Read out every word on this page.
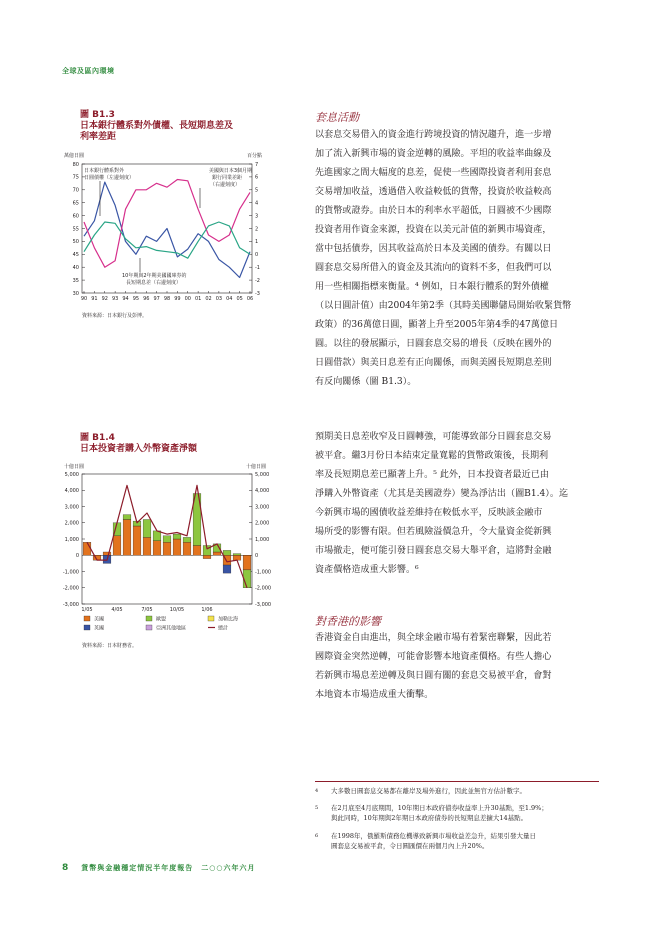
全球及區內環境
圖 B1.3
日本銀行體系對外債權、長短期息差及
利率差距
萬億日圓	百分點
80
75
70
65
60
55
50
45
40
35
30
7
6
5
4
3
2
1
0
-1
-2
-3
90 91 92 93 94 95 96 97 98 99 00 01 02 03 04 05 06
日本銀行體系對外
日圓債權（左邊刻度）
美國與日本3個月期
銀行同業差距
（右邊刻度）
10年期與2年期美國國庫券的
長短期息差（右邊刻度）
資料來源：日本銀行及彭博。
圖 B1.4
日本投資者購入外幣資產淨額
十億日圓	十億日圓
5,000	5,000
4,000	4,000
3,000	3,000
2,000	2,000
1,000	1,000
0	0
-1,000	-1,000
-2,000	-2,000
-3,000	-3,000
1/05	4/05	7/05	10/05	1/06
美國	歐盟	加勒比海
英國	亞洲其他地區	總計
資料來源：日本財務省。
套息活動
以套息交易借入的資金進行跨境投資的情況趨升，進一步增
加了流入新興市場的資金逆轉的風險。平坦的收益率曲線及
先進國家之間大幅度的息差，促使一些國際投資者利用套息
交易增加收益，透過借入收益較低的貨幣，投資於收益較高
的貨幣或證券。由於日本的利率水平超低，日圓被不少國際
投資者用作資金來源，投資在以美元計值的新興市場資產，
當中包括債券，因其收益高於日本及美國的債券。有關以日
圓套息交易所借入的資金及其流向的資料不多，但我們可以
用一些相關指標來衡量。⁴ 例如，日本銀行體系的對外債權
（以日圓計值）由2004年第2季（其時美國聯儲局開始收緊貨幣
政策）的36萬億日圓，顯著上升至2005年第4季的47萬億日
圓。以往的發展顯示，日圓套息交易的增長（反映在國外的
日圓借款）與美日息差有正向關係，而與美國長短期息差則
有反向關係（圖 B1.3）。
預期美日息差收窄及日圓轉強，可能導致部分日圓套息交易
被平倉。繼3月份日本結束定量寬鬆的貨幣政策後，長期利
率及長短期息差已顯著上升。⁵ 此外，日本投資者最近已由
淨購入外幣資產（尤其是美國證券）變為淨沽出（圖B1.4）。迄
今新興市場的國債收益差維持在較低水平，反映該金融市
場所受的影響有限。但若風險溢價急升，令大量資金從新興
市場撤走，便可能引發日圓套息交易大舉平倉，這將對金融
資產價格造成重大影響。⁶
對香港的影響
香港資金自由進出，與全球金融市場有着緊密聯繫，因此若
國際資金突然逆轉，可能會影響本地資產價格。有些人擔心
若新興市場息差逆轉及與日圓有關的套息交易被平倉，會對
本地資本市場造成重大衝擊。
4 大多數日圓套息交易都在離岸及場外進行，因此並無官方估計數字。
5 在2月底至4月底期間，10年期日本政府債券收益率上升30基點，至1.9%；
與此同時，10年期與2年期日本政府債券的長短期息差擴大14基點。
6 在1998年，俄羅斯債務危機導致新興市場收益差急升，結果引發大量日
圓套息交易被平倉，令日圓匯價在兩個月內上升20%。
8 貨幣與金融穩定情況半年度報告　二○○六年六月
